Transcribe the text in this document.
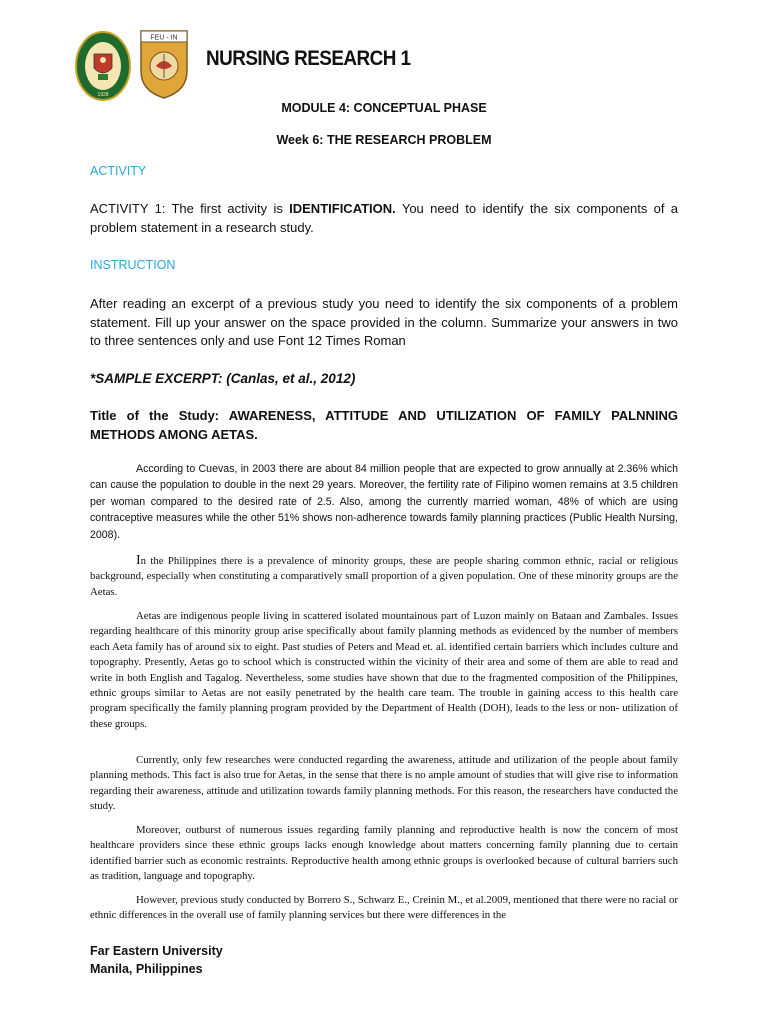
1928
FEU - IN
NURSING RESEARCH 1
MODULE 4: CONCEPTUAL PHASE
Week 6: THE RESEARCH PROBLEM
ACTIVITY
ACTIVITY 1: The first activity is IDENTIFICATION. You need to identify the six components of a problem statement in a research study.
INSTRUCTION
After reading an excerpt of a previous study you need to identify the six components of a problem statement. Fill up your answer on the space provided in the column. Summarize your answers in two to three sentences only and use Font 12 Times Roman
*SAMPLE EXCERPT: (Canlas, et al., 2012)
Title of the Study: AWARENESS, ATTITUDE AND UTILIZATION OF FAMILY PALNNING METHODS AMONG AETAS.
According to Cuevas, in 2003 there are about 84 million people that are expected to grow annually at 2.36% which can cause the population to double in the next 29 years. Moreover, the fertility rate of Filipino women remains at 3.5 children per woman compared to the desired rate of 2.5. Also, among the currently married woman, 48% of which are using contraceptive measures while the other 51% shows non-adherence towards family planning practices (Public Health Nursing, 2008).
In the Philippines there is a prevalence of minority groups, these are people sharing common ethnic, racial or religious background, especially when constituting a comparatively small proportion of a given population. One of these minority groups are the Aetas.
Aetas are indigenous people living in scattered isolated mountainous part of Luzon mainly on Bataan and Zambales. Issues regarding healthcare of this minority group arise specifically about family planning methods as evidenced by the number of members each Aeta family has of around six to eight. Past studies of Peters and Mead et. al. identified certain barriers which includes culture and topography. Presently, Aetas go to school which is constructed within the vicinity of their area and some of them are able to read and write in both English and Tagalog. Nevertheless, some studies have shown that due to the fragmented composition of the Philippines, ethnic groups similar to Aetas are not easily penetrated by the health care team. The trouble in gaining access to this health care program specifically the family planning program provided by the Department of Health (DOH), leads to the less or non- utilization of these groups.
Currently, only few researches were conducted regarding the awareness, attitude and utilization of the people about family planning methods. This fact is also true for Aetas, in the sense that there is no ample amount of studies that will give rise to information regarding their awareness, attitude and utilization towards family planning methods. For this reason, the researchers have conducted the study.
Moreover, outburst of numerous issues regarding family planning and reproductive health is now the concern of most healthcare providers since these ethnic groups lacks enough knowledge about matters concerning family planning due to certain identified barrier such as economic restraints. Reproductive health among ethnic groups is overlooked because of cultural barriers such as tradition, language and topography.
However, previous study conducted by Borrero S., Schwarz E., Creinin M., et al.2009, mentioned that there were no racial or ethnic differences in the overall use of family planning services but there were differences in the
Far Eastern University
Manila, Philippines
